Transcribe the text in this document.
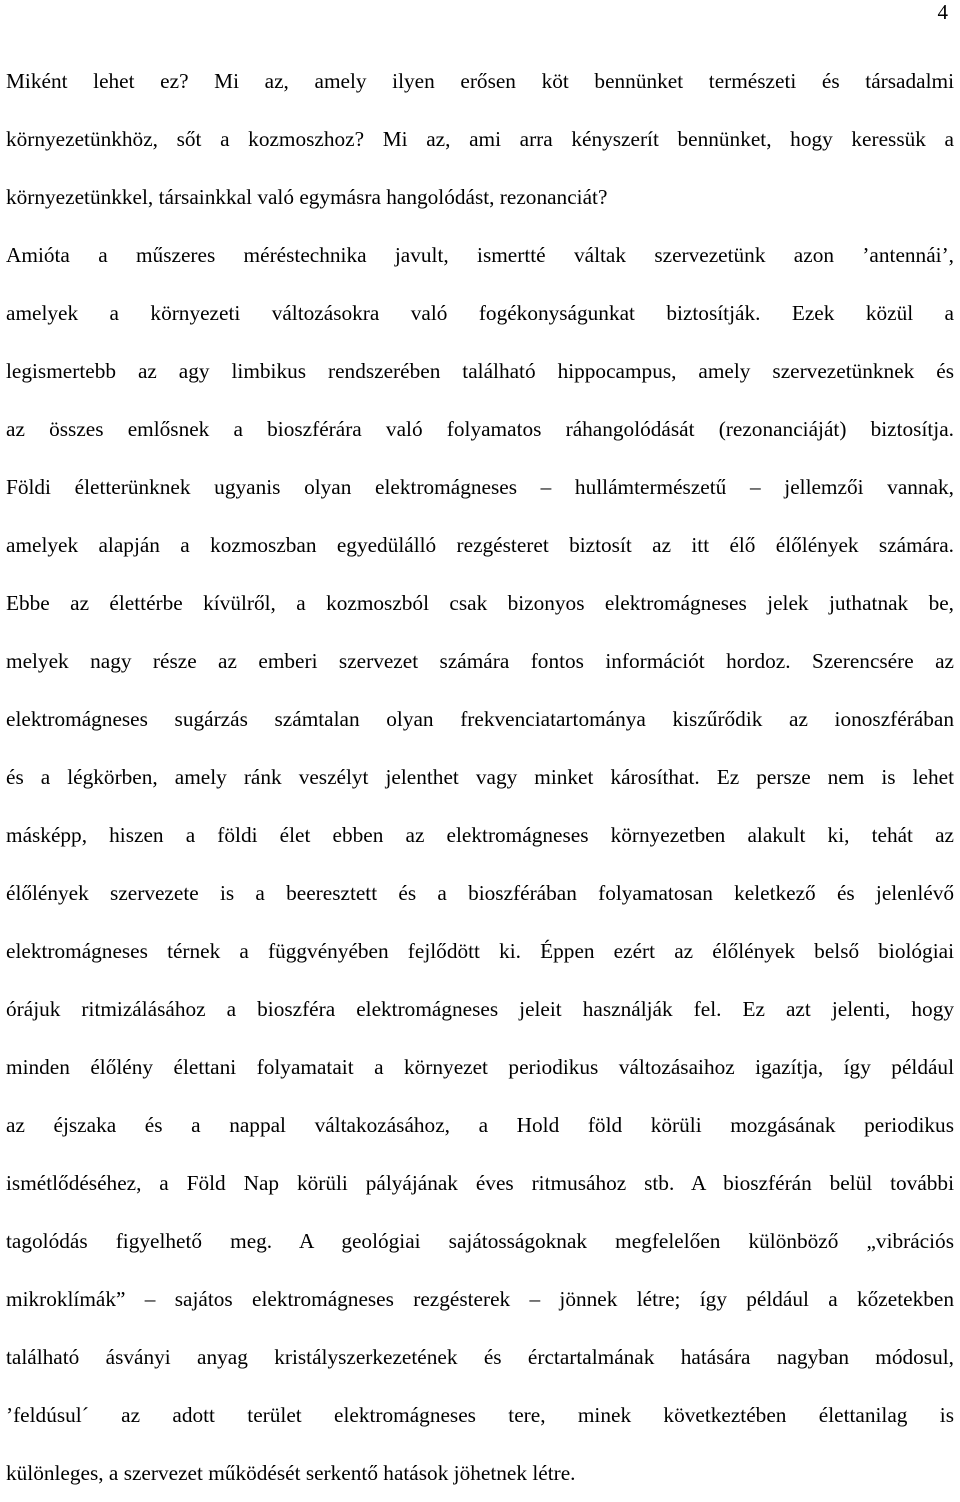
4
Miként lehet ez? Mi az, amely ilyen erősen köt bennünket természeti és társadalmi
környezetünkhöz, sőt a kozmoszhoz? Mi az, ami arra kényszerít bennünket, hogy keressük a
környezetünkkel, társainkkal való egymásra hangolódást, rezonanciát?
Amióta a műszeres méréstechnika javult, ismertté váltak szervezetünk azon ’antennái’,
amelyek a környezeti változásokra való fogékonyságunkat biztosítják. Ezek közül a
legismertebb az agy limbikus rendszerében található hippocampus, amely szervezetünknek és
az összes emlősnek a bioszférára való folyamatos ráhangolódását (rezonanciáját) biztosítja.
Földi életterünknek ugyanis olyan elektromágneses – hullámtermészetű – jellemzői vannak,
amelyek alapján a kozmoszban egyedülálló rezgésteret biztosít az itt élő élőlények számára.
Ebbe az élettérbe kívülről, a kozmoszból csak bizonyos elektromágneses jelek juthatnak be,
melyek nagy része az emberi szervezet számára fontos információt hordoz. Szerencsére az
elektromágneses sugárzás számtalan olyan frekvenciatartománya kiszűrődik az ionoszférában
és a légkörben, amely ránk veszélyt jelenthet vagy minket károsíthat. Ez persze nem is lehet
másképp, hiszen a földi élet ebben az elektromágneses környezetben alakult ki, tehát az
élőlények szervezete is a beeresztett és a bioszférában folyamatosan keletkező és jelenlévő
elektromágneses térnek a függvényében fejlődött ki. Éppen ezért az élőlények belső biológiai
órájuk ritmizálásához a bioszféra elektromágneses jeleit használják fel. Ez azt jelenti, hogy
minden élőlény élettani folyamatait a környezet periodikus változásaihoz igazítja, így például
az éjszaka és a nappal váltakozásához, a Hold föld körüli mozgásának periodikus
ismétlődéséhez, a Föld Nap körüli pályájának éves ritmusához stb. A bioszférán belül további
tagolódás figyelhető meg. A geológiai sajátosságoknak megfelelően különböző „vibrációs
mikroklímák” – sajátos elektromágneses rezgésterek – jönnek létre; így például a kőzetekben
található ásványi anyag kristályszerkezetének és érctartalmának hatására nagyban módosul,
’feldúsul´ az adott terület elektromágneses tere, minek következtében élettanilag is
különleges, a szervezet működését serkentő hatások jöhetnek létre.
